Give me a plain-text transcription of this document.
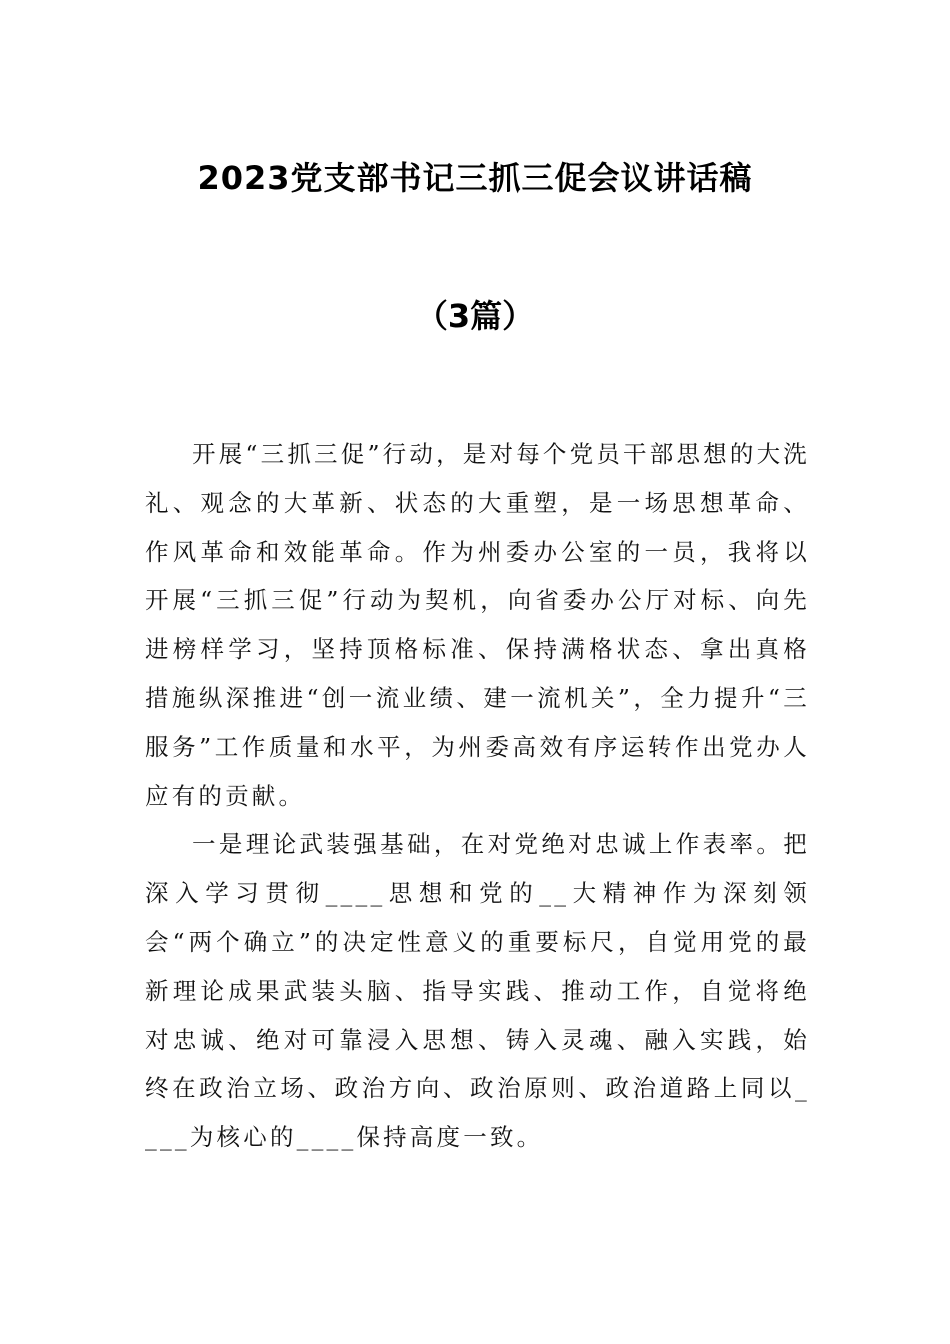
2023党支部书记三抓三促会议讲话稿
（3篇）

开展“三抓三促”行动，是对每个党员干部思想的大洗礼、观念的大革新、状态的大重塑，是一场思想革命、作风革命和效能革命。作为州委办公室的一员，我将以开展“三抓三促”行动为契机，向省委办公厅对标、向先进榜样学习，坚持顶格标准、保持满格状态、拿出真格措施纵深推进“创一流业绩、建一流机关”，全力提升“三服务”工作质量和水平，为州委高效有序运转作出党办人应有的贡献。

一是理论武装强基础，在对党绝对忠诚上作表率。把深入学习贯彻____思想和党的__大精神作为深刻领会“两个确立”的决定性意义的重要标尺，自觉用党的最新理论成果武装头脑、指导实践、推动工作，自觉将绝对忠诚、绝对可靠浸入思想、铸入灵魂、融入实践，始终在政治立场、政治方向、政治原则、政治道路上同以____为核心的____保持高度一致。
